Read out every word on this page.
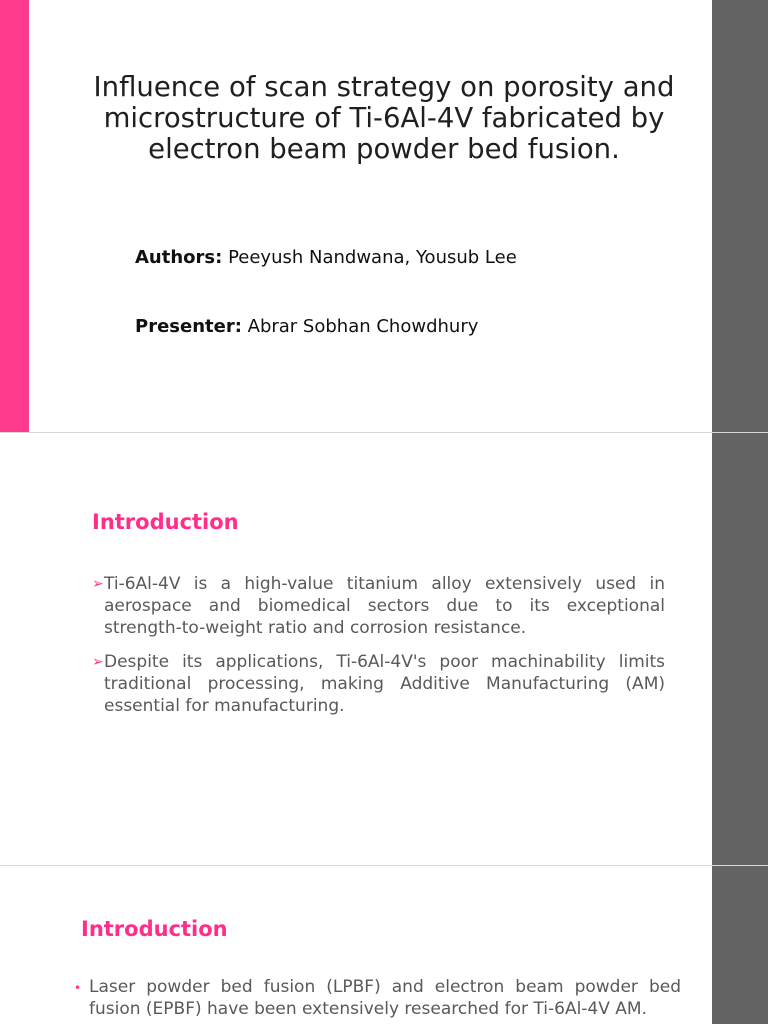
Influence of scan strategy on porosity and microstructure of Ti-6Al-4V fabricated by electron beam powder bed fusion.

Authors: Peeyush Nandwana, Yousub Lee

Presenter: Abrar Sobhan Chowdhury

Introduction
➢ Ti-6Al-4V is a high-value titanium alloy extensively used in aerospace and biomedical sectors due to its exceptional strength-to-weight ratio and corrosion resistance.
➢ Despite its applications, Ti-6Al-4V's poor machinability limits traditional processing, making Additive Manufacturing (AM) essential for manufacturing.
Introduction
• Laser powder bed fusion (LPBF) and electron beam powder bed fusion (EPBF) have been extensively researched for Ti-6Al-4V AM.
